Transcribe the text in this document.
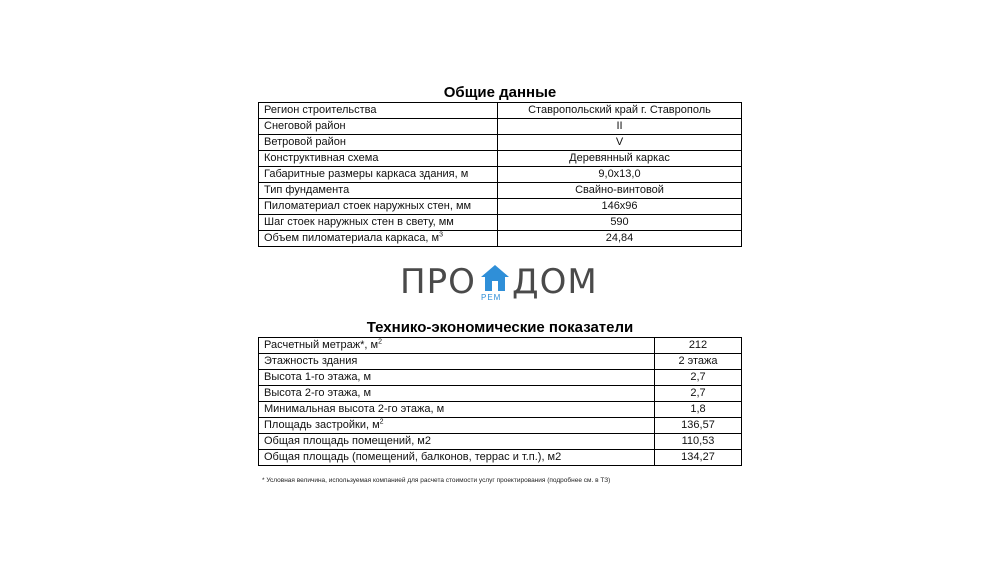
Общие данные
Регион строительства	Ставропольский край г. Ставрополь
Снеговой район	II
Ветровой район	V
Конструктивная схема	Деревянный каркас
Габаритные размеры каркаса здания, м	9,0x13,0
Тип фундамента	Свайно-винтовой
Пиломатериал стоек наружных стен, мм	146x96
Шаг стоек наружных стен в свету, мм	590
Объем пиломатериала каркаса, $м^3$	24,84
ПРО РЕМ ДОМ
Технико-экономические показатели
Расчетный метраж*, $м^2$	212
Этажность здания	2 этажа
Высота 1-го этажа, м	2,7
Высота 2-го этажа, м	2,7
Минимальная высота 2-го этажа, м	1,8
Площадь застройки, $м^2$	136,57
Общая площадь помещений, м2	110,53
Общая площадь (помещений, балконов, террас и т.п.), м2	134,27
* Условная величина, используемая компанией для расчета стоимости услуг проектирования (подробнее см. в ТЗ)
